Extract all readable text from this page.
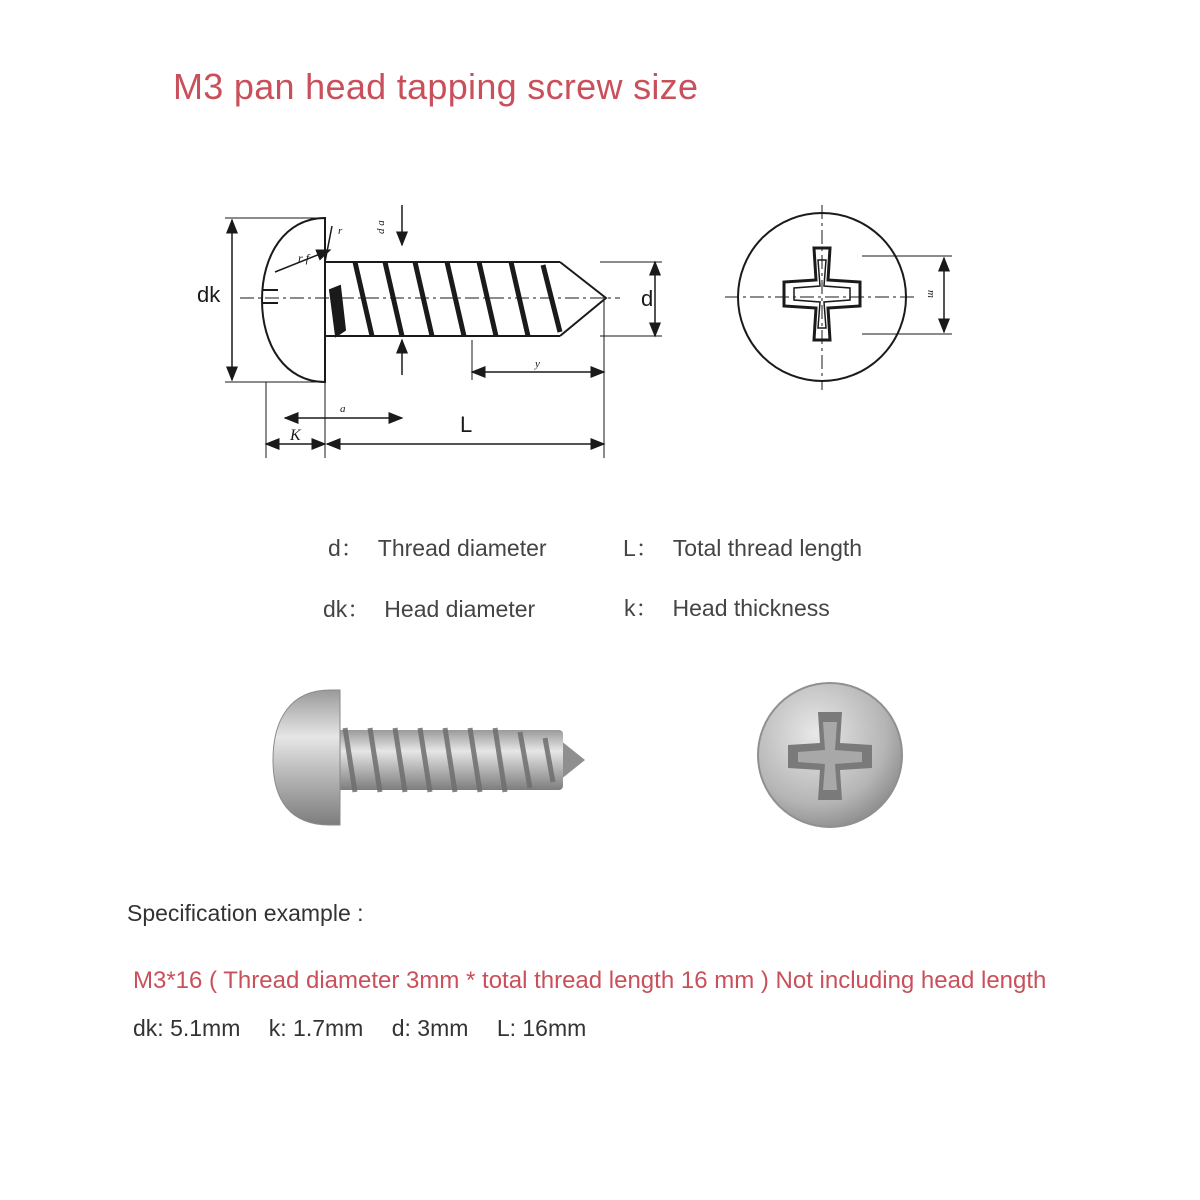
M3 pan head tapping screw size
dk	d
L
K
a
y
r
r f
d a
m
d： Thread diameter	L： Total thread length
dk： Head diameter	k： Head thickness
Specification example :
M3*16 ( Thread diameter 3mm * total thread length 16 mm ) Not including head length
dk: 5.1mm k: 1.7mm d: 3mm L: 16mm
